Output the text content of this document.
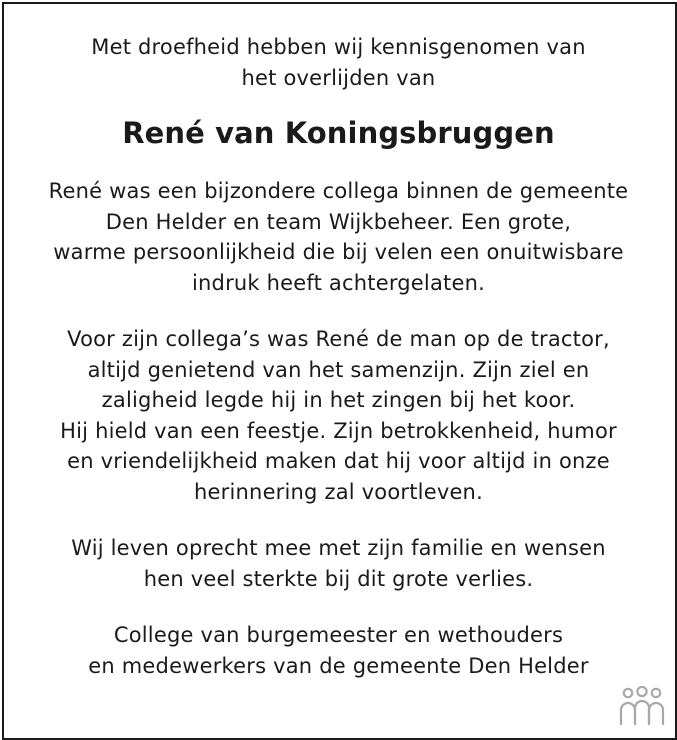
Met droefheid hebben wij kennisgenomen van
het overlijden van
René van Koningsbruggen
René was een bijzondere collega binnen de gemeente
Den Helder en team Wijkbeheer. Een grote,
warme persoonlijkheid die bij velen een onuitwisbare
indruk heeft achtergelaten.
Voor zijn collega’s was René de man op de tractor,
altijd genietend van het samenzijn. Zijn ziel en
zaligheid legde hij in het zingen bij het koor.
Hij hield van een feestje. Zijn betrokkenheid, humor
en vriendelijkheid maken dat hij voor altijd in onze
herinnering zal voortleven.
Wij leven oprecht mee met zijn familie en wensen
hen veel sterkte bij dit grote verlies.
College van burgemeester en wethouders
en medewerkers van de gemeente Den Helder
